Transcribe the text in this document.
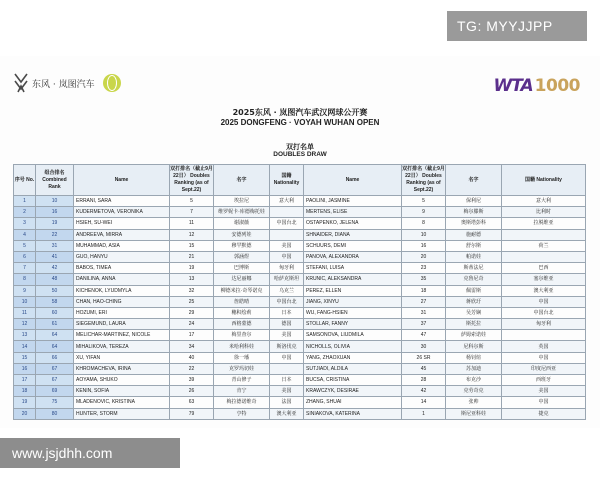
TG: MYYJJPP
东风 · 岚图汽车	WTA 1000
2025东风 · 岚图汽车武汉网球公开赛
2025 DONGFENG · VOYAH WUHAN OPEN
双打名单
DOUBLES DRAW
序号 No.	组合排名 Combined Rank	Name	双打排名（截止9月22日） Doubles Ranking (as of Sept.22)	名字	国籍 Nationality	Name	双打排名（截止9月22日） Doubles Ranking (as of Sept.22)	名字	国籍 Nationality
1	10	ERRANI, SARA	5	埃拉尼	意大利	PAOLINI, JASMINE	5	保利尼	意大利
2	16	KUDERMETOVA, VERONIKA	7	维罗妮卡·库德梅托娃		MERTENS, ELISE	9	梅尔滕斯	比利时
3	19	HSIEH, SU-WEI	11	谢淑薇	中国台北	OSTAPENKO, JELENA	8	奥斯塔彭科	拉脱维亚
4	22	ANDREEVA, MIRRA	12	安德列娃		SHNAIDER, DIANA	10	施耐德	
5	31	MUHAMMAD, ASIA	15	穆罕默德	美国	SCHUURS, DEMI	16	舒尔斯	荷兰
6	41	GUO, HANYU	21	郭涵煜	中国	PANOVA, ALEXANDRA	20	帕诺娃	
7	42	BABOS, TIMEA	19	巴博斯	匈牙利	STEFANI, LUISA	23	斯蒂法尼	巴西
8	48	DANILINA, ANNA	13	达尼丽娜	哈萨克斯坦	KRUNIC, ALEKSANDRA	35	克鲁尼奇	塞尔维亚
9	50	KICHENOK, LYUDMYLA	32	柳德米拉·奇琴诺克	乌克兰	PEREZ, ELLEN	18	佩雷斯	澳大利亚
10	58	CHAN, HAO-CHING	25	詹皓晴	中国台北	JIANG, XINYU	27	蒋欣玗	中国
11	60	HOZUMI, ERI	29	穗积绘莉	日本	WU, FANG-HSIEN	31	吴芳娴	中国台北
12	61	SIEGEMUND, LAURA	24	西格蒙德	德国	STOLLAR, FANNY	37	斯托拉	匈牙利
13	64	MELICHAR-MARTINEZ, NICOLE	17	梅里查尔	美国	SAMSONOVA, LIUDMILA	47	萨姆索诺娃	
14	64	MIHALIKOVA, TEREZA	34	米哈利科娃	斯洛伐克	NICHOLLS, OLIVIA	30	尼科尔斯	英国
15	66	XU, YIFAN	40	徐一璠	中国	YANG, ZHAOXUAN	26 SR	杨钊煊	中国
16	67	KHROMACHEVA, IRINA	22	克罗玛切娃		SUTJIADI, ALDILA	45	苏加迪	印度尼西亚
17	67	AOYAMA, SHUKO	39	青山修子	日本	BUCSA, CRISTINA	28	布克沙	西班牙
18	69	KENIN, SOFIA	26	肯宁	美国	KRAWCZYK, DESIRAE	42	克劳奇克	美国
19	75	MLADENOVIC, KRISTINA	63	梅拉德诺维奇	法国	ZHANG, SHUAI	14	张帅	中国
20	80	HUNTER, STORM	79	亨特	澳大利亚	SINIAKOVA, KATERINA	1	斯尼亚科娃	捷克
www.jsjdhh.com
